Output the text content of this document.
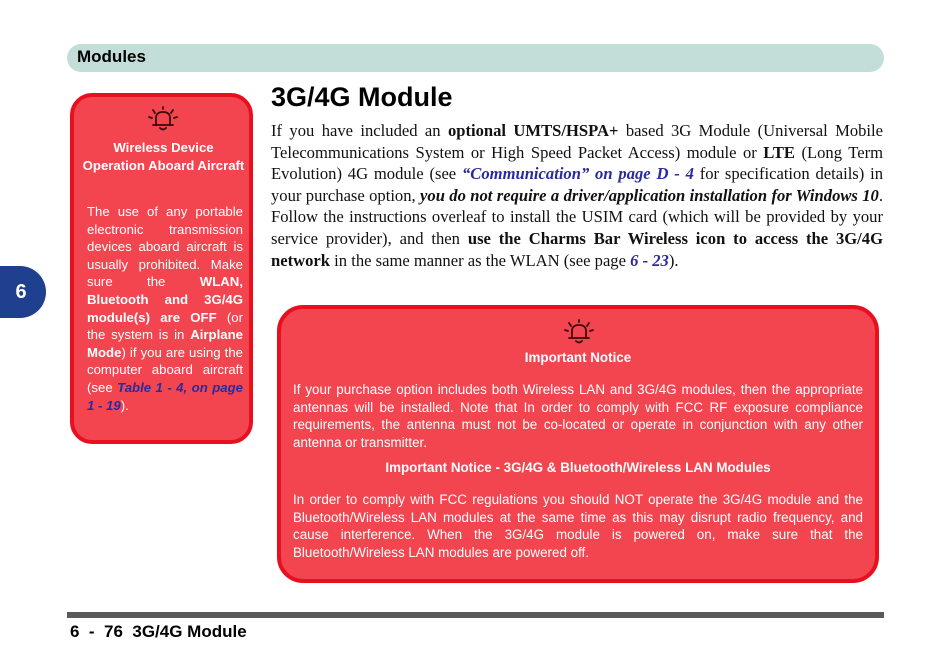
Modules
6
Wireless Device Operation Aboard Aircraft
The use of any portable electronic transmission devices aboard aircraft is usually prohibited. Make sure the WLAN, Bluetooth and 3G/4G module(s) are OFF (or the system is in Airplane Mode) if you are using the computer aboard aircraft (see Table 1 - 4, on page 1 - 19).
3G/4G Module

If you have included an optional UMTS/HSPA+ based 3G Module (Universal Mobile Telecommunications System or High Speed Packet Access) module or LTE (Long Term Evolution) 4G module (see “Communication” on page D - 4 for specification details) in your purchase option, you do not require a driver/application installation for Windows 10. Follow the instructions overleaf to install the USIM card (which will be provided by your service provider), and then use the Charms Bar Wireless icon to access the 3G/4G network in the same manner as the WLAN (see page 6 - 23).

Important Notice
If your purchase option includes both Wireless LAN and 3G/4G modules, then the appropriate antennas will be installed. Note that In order to comply with FCC RF exposure compliance requirements, the antenna must not be co-located or operate in conjunction with any other antenna or transmitter.
Important Notice - 3G/4G & Bluetooth/Wireless LAN Modules
In order to comply with FCC regulations you should NOT operate the 3G/4G module and the Bluetooth/Wireless LAN modules at the same time as this may disrupt radio frequency, and cause interference. When the 3G/4G module is powered on, make sure that the Bluetooth/Wireless LAN modules are powered off.
6  -  76  3G/4G Module
